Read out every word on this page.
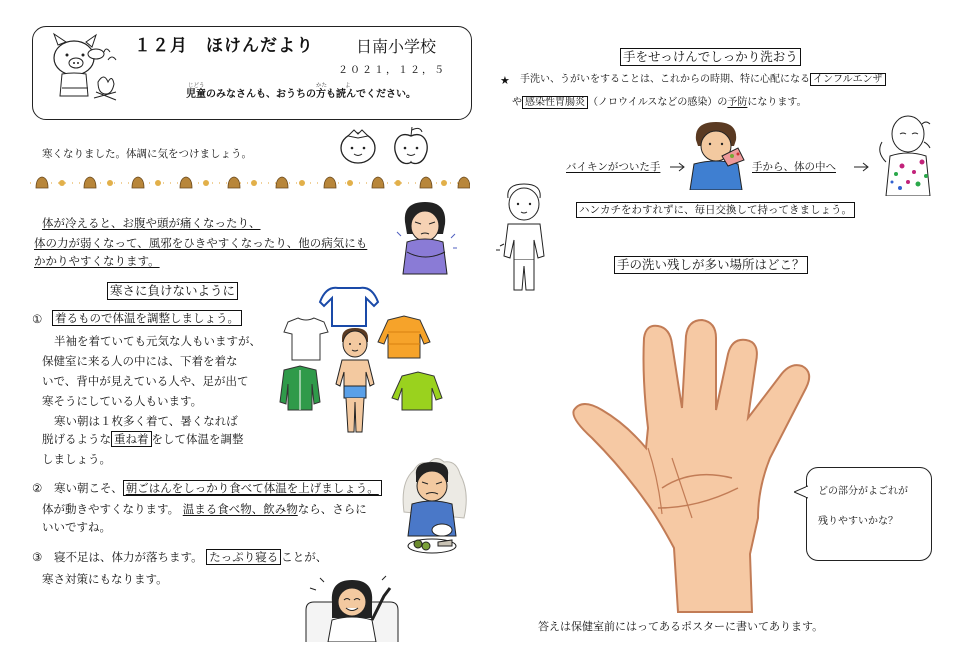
１２月　ほけんだより	日南小学校
２０２１，１２，５
じどう	かた	よ
児童のみなさんも、おうちの方も読んでください。
寒くなりました。体調に気をつけましょう。
体が冷えると、お腹や頭が痛くなったり、
体の力が弱くなって、風邪をひきやすくなったり、他の病気にも
かかりやすくなります。
寒さに負けないように
① 着るもので体温を調整しましょう。
半袖を着ていても元気な人もいますが、
保健室に来る人の中には、下着を着な
いで、背中が見えている人や、足が出て
寒そうにしている人もいます。
寒い朝は１枚多く着て、暑くなれば
脱げるような 重ね着 をして体温を調整
しましょう。
② 寒い朝こそ、 朝ごはんをしっかり食べて体温を上げましょう。
体が動きやすくなります。 温まる食べ物、飲み物なら、さらに
いいですね。
③ 寝不足は、体力が落ちます。 たっぷり寝る ことが、
寒さ対策にもなります。
手をせっけんでしっかり洗おう
★ 手洗い、うがいをすることは、これからの時期、特に心配になる インフルエンザ
や 感染性胃腸炎 （ノロウイルスなどの感染）の予防になります。
バイキンがついた手	手から、体の中へ
ハンカチをわすれずに、毎日交換して持ってきましょう。
手の洗い残しが多い場所はどこ？
どの部分がよごれが
残りやすいかな？
答えは保健室前にはってあるポスターに書いてあります。
